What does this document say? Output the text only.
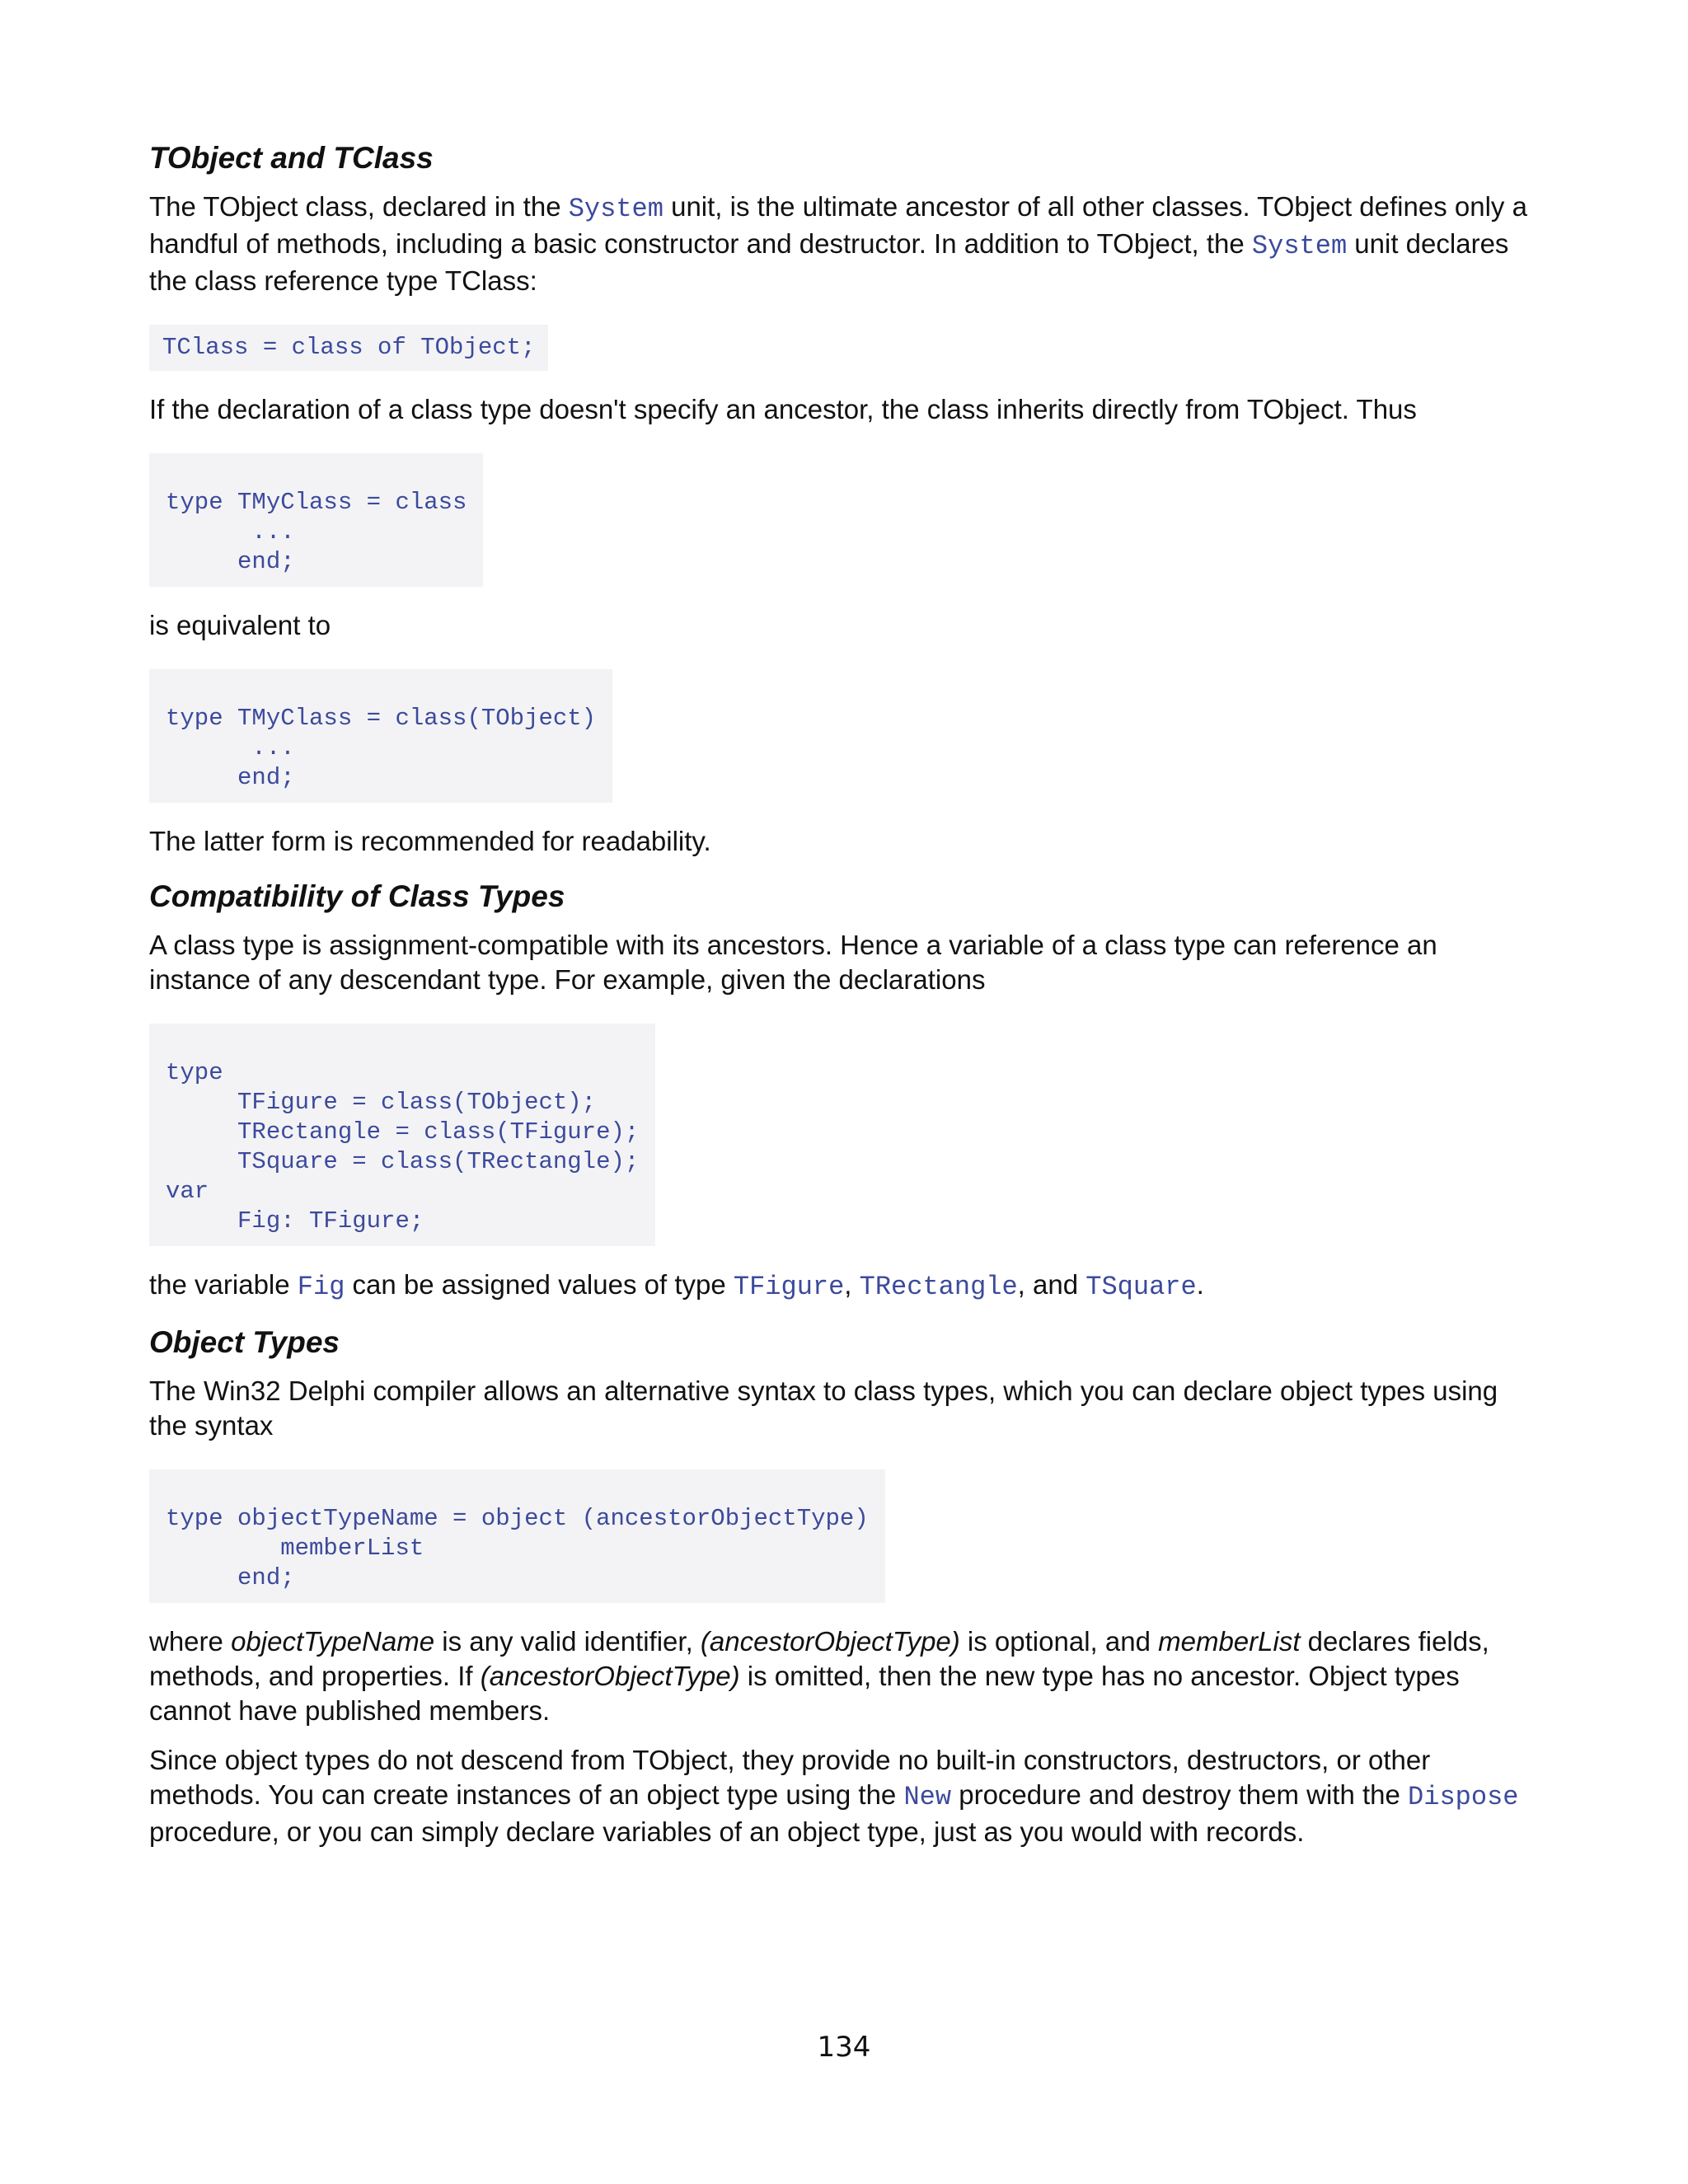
TObject and TClass

The TObject class, declared in the System unit, is the ultimate ancestor of all other classes. TObject defines only a handful of methods, including a basic constructor and destructor. In addition to TObject, the System unit declares the class reference type TClass:

TClass = class of TObject;

If the declaration of a class type doesn't specify an ancestor, the class inherits directly from TObject. Thus

type TMyClass = class
...
end;

is equivalent to

type TMyClass = class(TObject)
...
end;

The latter form is recommended for readability.

Compatibility of Class Types

A class type is assignment-compatible with its ancestors. Hence a variable of a class type can reference an instance of any descendant type. For example, given the declarations

type
TFigure = class(TObject);
TRectangle = class(TFigure);
TSquare = class(TRectangle);
var
Fig: TFigure;

the variable Fig can be assigned values of type TFigure, TRectangle, and TSquare.

Object Types

The Win32 Delphi compiler allows an alternative syntax to class types, which you can declare object types using the syntax

type objectTypeName = object (ancestorObjectType)
memberList
end;

where objectTypeName is any valid identifier, (ancestorObjectType) is optional, and memberList declares fields, methods, and properties. If (ancestorObjectType) is omitted, then the new type has no ancestor. Object types cannot have published members.

Since object types do not descend from TObject, they provide no built-in constructors, destructors, or other methods. You can create instances of an object type using the New procedure and destroy them with the Dispose procedure, or you can simply declare variables of an object type, just as you would with records.

134
